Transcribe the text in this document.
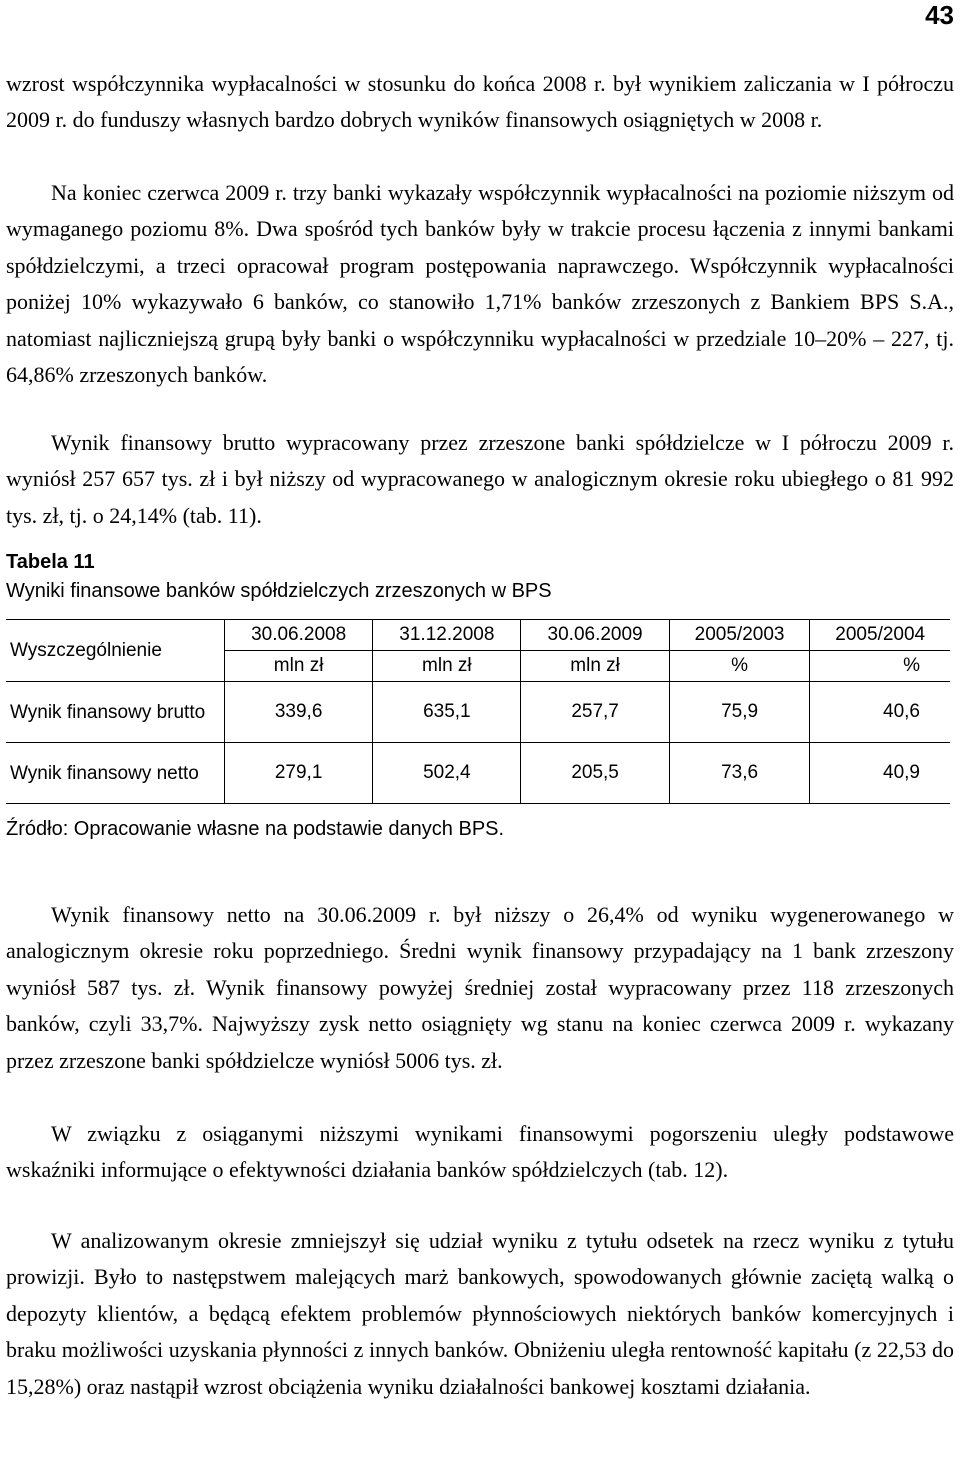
43

wzrost współczynnika wypłacalności w stosunku do końca 2008 r. był wynikiem zaliczania w I półroczu 2009 r. do funduszy własnych bardzo dobrych wyników finansowych osiągniętych w 2008 r.

Na koniec czerwca 2009 r. trzy banki wykazały współczynnik wypłacalności na poziomie niższym od wymaganego poziomu 8%. Dwa spośród tych banków były w trakcie procesu łączenia z innymi bankami spółdzielczymi, a trzeci opracował program postępowania naprawczego. Współczynnik wypłacalności poniżej 10% wykazywało 6 banków, co stanowiło 1,71% banków zrzeszonych z Bankiem BPS S.A., natomiast najliczniejszą grupą były banki o współczynniku wypłacalności w przedziale 10–20% – 227, tj. 64,86% zrzeszonych banków.

Wynik finansowy brutto wypracowany przez zrzeszone banki spółdzielcze w I półroczu 2009 r. wyniósł 257 657 tys. zł i był niższy od wypracowanego w analogicznym okresie roku ubiegłego o 81 992 tys. zł, tj. o 24,14% (tab. 11).

Tabela 11
Wyniki finansowe banków spółdzielczych zrzeszonych w BPS
Wyszczególnienie	30.06.2008	31.12.2008	30.06.2009	2005/2003	2005/2004
	mln zł	mln zł	mln zł	%	%
Wynik finansowy brutto	339,6	635,1	257,7	75,9	40,6
Wynik finansowy netto	279,1	502,4	205,5	73,6	40,9
Źródło: Opracowanie własne na podstawie danych BPS.

Wynik finansowy netto na 30.06.2009 r. był niższy o 26,4% od wyniku wygenerowanego w analogicznym okresie roku poprzedniego. Średni wynik finansowy przypadający na 1 bank zrzeszony wyniósł 587 tys. zł. Wynik finansowy powyżej średniej został wypracowany przez 118 zrzeszonych banków, czyli 33,7%. Najwyższy zysk netto osiągnięty wg stanu na koniec czerwca 2009 r. wykazany przez zrzeszone banki spółdzielcze wyniósł 5006 tys. zł.

W związku z osiąganymi niższymi wynikami finansowymi pogorszeniu uległy podstawowe wskaźniki informujące o efektywności działania banków spółdzielczych (tab. 12).

W analizowanym okresie zmniejszył się udział wyniku z tytułu odsetek na rzecz wyniku z tytułu prowizji. Było to następstwem malejących marż bankowych, spowodowanych głównie zaciętą walką o depozyty klientów, a będącą efektem problemów płynnościowych niektórych banków komercyjnych i braku możliwości uzyskania płynności z innych banków. Obniżeniu uległa rentowność kapitału (z 22,53 do 15,28%) oraz nastąpił wzrost obciążenia wyniku działalności bankowej kosztami działania.
